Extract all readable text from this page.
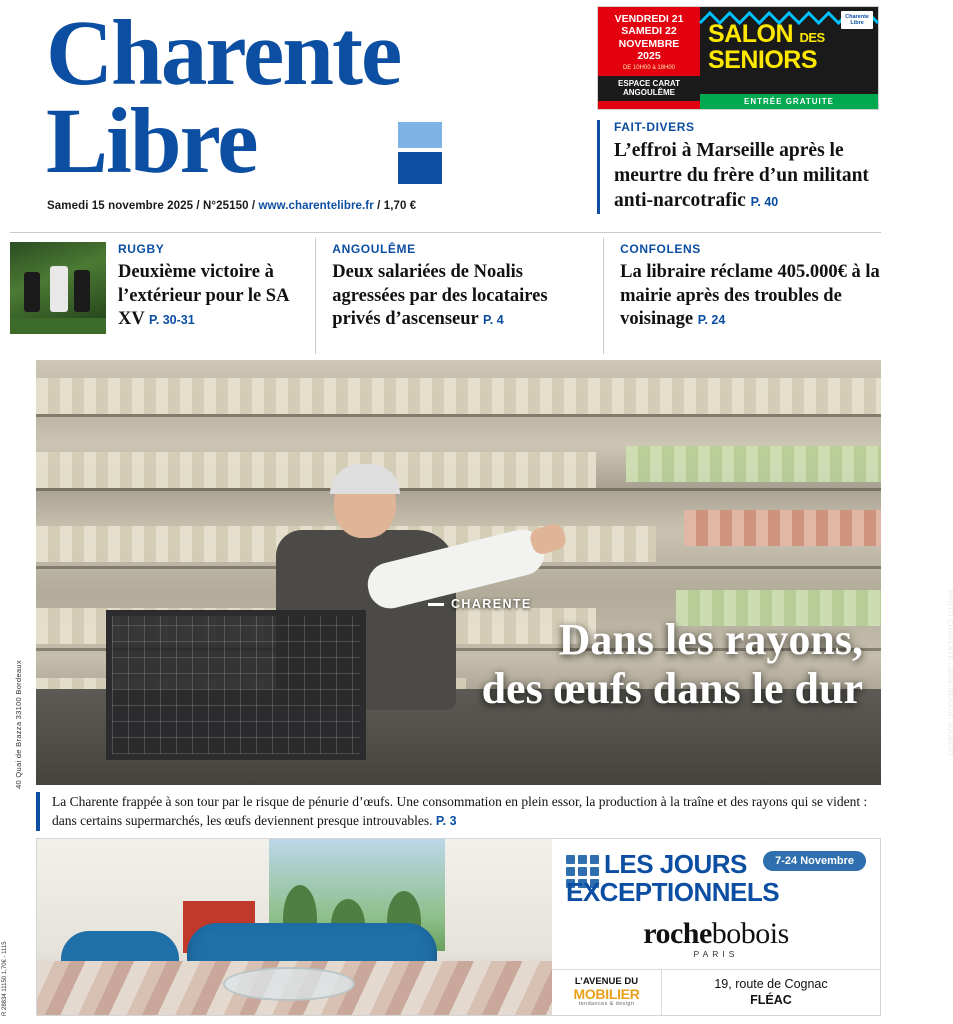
Charente
Libre
Samedi 15 novembre 2025 / N°25150 / www.charentelibre.fr / 1,70 €
VENDREDI 21
SAMEDI 22
NOVEMBRE
2025
DE 10H00 à 18H00
ESPACE CARAT
ANGOULÊME
Charente
Libre
SALON DES
SENIORS
ENTRÉE GRATUITE
FAIT-DIVERS
L’effroi à Marseille après le meurtre du frère d’un militant anti-narcotrafic P. 40
RUGBY
Deuxième victoire à l’extérieur pour le SA XV P. 30-31
ANGOULÊME
Deux salariées de Noalis agressées par des locataires privés d’ascenseur P. 4
CONFOLENS
La libraire réclame 405.000€ à la mairie après des troubles de voisinage P. 24
CHARENTE
Dans les rayons,
des œufs dans le dur	PHOTO CHARENTE LIBRE/RENAUD JOUBERT
La Charente frappée à son tour par le risque de pénurie d’œufs. Une consommation en plein essor, la production à la traîne et des rayons qui se vident : dans certains supermarchés, les œufs deviennent presque introuvables. P. 3
LES JOURS
EXCEPTIONNELS
7-24 Novembre
rochebobois
PARIS
L’AVENUE DU
MOBILIER
tendances & design
19, route de Cognac
FLÉAC
40 Quai de Brazza 33100 Bordeaux
R 28834 11150 1,70€ - 1115
